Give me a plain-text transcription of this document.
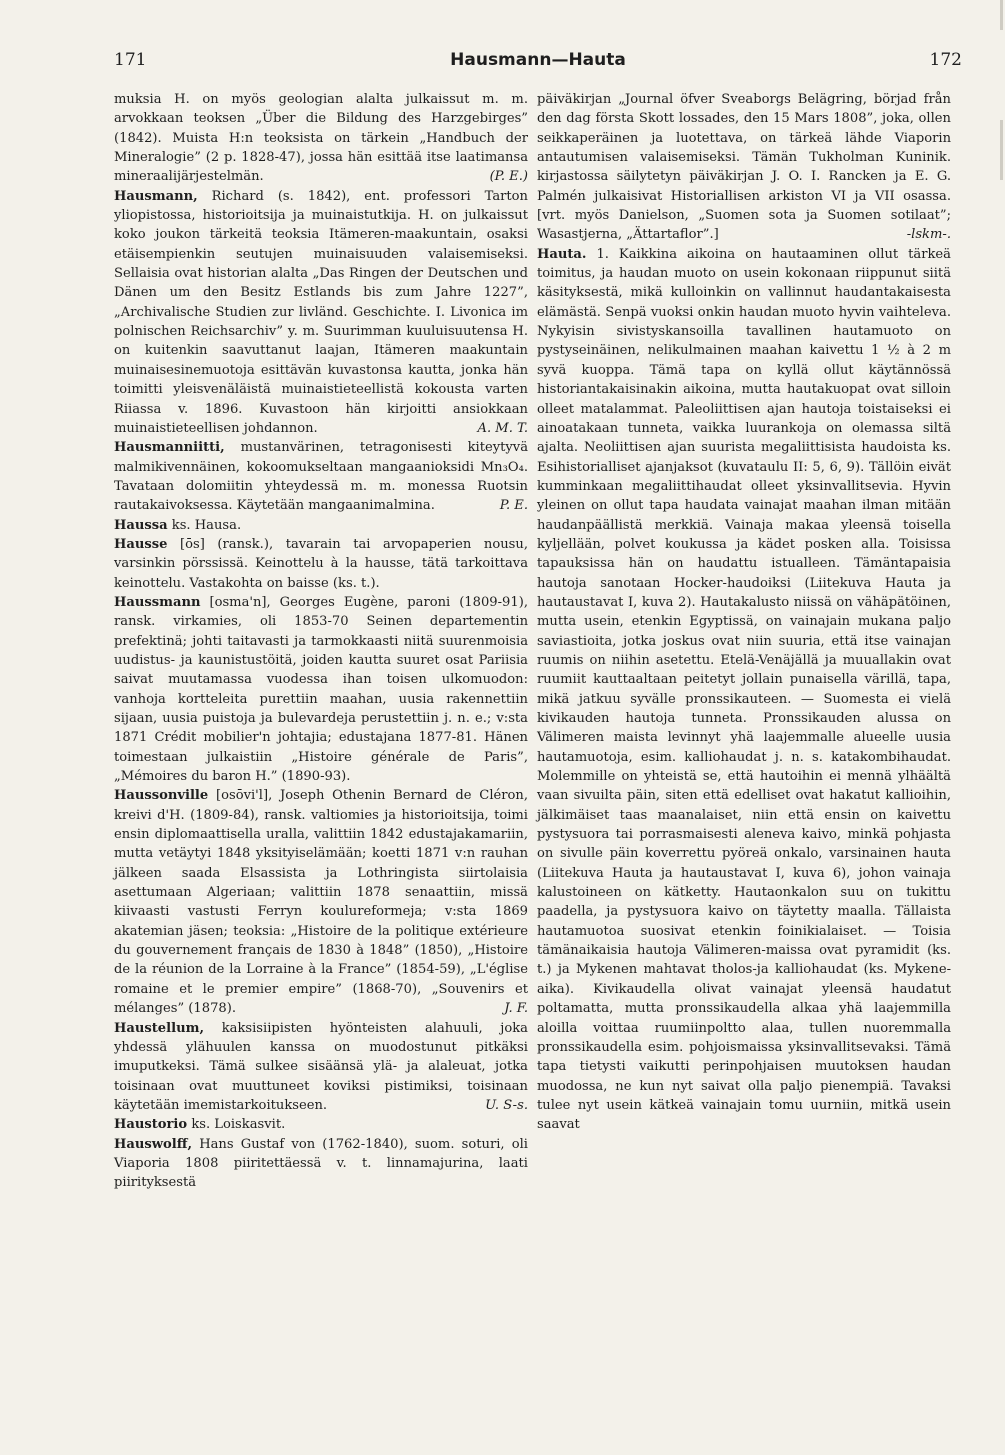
171	Hausmann—Hauta	172

muksia H. on myös geologian alalta julkaissut m. m. arvokkaan teoksen „Über die Bildung des Harzgebirges” (1842). Muista H:n teoksista on tärkein „Handbuch der Mineralogie” (2 p. 1828-47), jossa hän esittää itse laatimansa mineraalijärjestelmän.	(P. E.)

Hausmann, Richard (s. 1842), ent. professori Tarton yliopistossa, historioitsija ja muinaistutkija. H. on julkaissut koko joukon tärkeitä teoksia Itämeren-maakuntain, osaksi etäisempienkin seutujen muinaisuuden valaisemiseksi. Sellaisia ovat historian alalta „Das Ringen der Deutschen und Dänen um den Besitz Estlands bis zum Jahre 1227”, „Archivalische Studien zur livländ. Geschichte. I. Livonica im polnischen Reichsarchiv” y. m. Suurimman kuuluisuutensa H. on kuitenkin saavuttanut laajan, Itämeren maakuntain muinaisesinemuotoja esittävän kuvastonsa kautta, jonka hän toimitti yleisvenäläistä muinaistieteellistä kokousta varten Riiassa v. 1896. Kuvastoon hän kirjoitti ansiokkaan muinaistieteellisen johdannon.	A. M. T.

Hausmanniitti, mustanvärinen, tetragonisesti kiteytyvä malmikivennäinen, kokoomukseltaan mangaanioksidi Mn₃O₄. Tavataan dolomiitin yhteydessä m. m. monessa Ruotsin rautakaivoksessa. Käytetään mangaanimalmina.	P. E.

Haussa ks. Hausa.

Hausse [ōs] (ransk.), tavarain tai arvopaperien nousu, varsinkin pörssissä. Keinottelu à la hausse, tätä tarkoittava keinottelu. Vastakohta on baisse (ks. t.).

Haussmann [osma'n], Georges Eugène, paroni (1809-91), ransk. virkamies, oli 1853-70 Seinen departementin prefektinä; johti taitavasti ja tarmokkaasti niitä suurenmoisia uudistus- ja kaunistustöitä, joiden kautta suuret osat Pariisia saivat muutamassa vuodessa ihan toisen ulkomuodon: vanhoja kortteleita purettiin maahan, uusia rakennettiin sijaan, uusia puistoja ja bulevardeja perustettiin j. n. e.; v:sta 1871 Crédit mobilier'n johtajia; edustajana 1877-81. Hänen toimestaan julkaistiin „Histoire générale de Paris”, „Mémoires du baron H.” (1890-93).

Haussonville [osōvi'l], Joseph Othenin Bernard de Cléron, kreivi d'H. (1809-84), ransk. valtiomies ja historioitsija, toimi ensin diplomaattisella uralla, valittiin 1842 edustajakamariin, mutta vetäytyi 1848 yksityiselämään; koetti 1871 v:n rauhan jälkeen saada Elsassista ja Lothringista siirtolaisia asettumaan Algeriaan; valittiin 1878 senaattiin, missä kiivaasti vastusti Ferryn koulureformeja; v:sta 1869 akatemian jäsen; teoksia: „Histoire de la politique extérieure du gouvernement français de 1830 à 1848” (1850), „Histoire de la réunion de la Lorraine à la France” (1854-59), „L'église romaine et le premier empire” (1868-70), „Souvenirs et mélanges” (1878).	J. F.

Haustellum, kaksisiipisten hyönteisten alahuuli, joka yhdessä ylähuulen kanssa on muodostunut pitkäksi imuputkeksi. Tämä sulkee sisäänsä ylä- ja alaleuat, jotka toisinaan ovat muuttuneet koviksi pistimiksi, toisinaan käytetään imemistarkoitukseen.	U. S-s.

Haustorio ks. Loiskasvit.

Hauswolff, Hans Gustaf von (1762-1840), suom. soturi, oli Viaporia 1808 piiritettäessä v. t. linnamajurina, laati piirityksestä

päiväkirjan „Journal öfver Sveaborgs Belägring, börjad från den dag första Skott lossades, den 15 Mars 1808”, joka, ollen seikkaperäinen ja luotettava, on tärkeä lähde Viaporin antautumisen valaisemiseksi. Tämän Tukholman Kuninik. kirjastossa säilytetyn päiväkirjan J. O. I. Rancken ja E. G. Palmén julkaisivat Historiallisen arkiston VI ja VII osassa. [vrt. myös Danielson, „Suomen sota ja Suomen sotilaat”; Wasastjerna, „Ättartaflor”.]	-lskm-.

Hauta. 1. Kaikkina aikoina on hautaaminen ollut tärkeä toimitus, ja haudan muoto on usein kokonaan riippunut siitä käsityksestä, mikä kulloinkin on vallinnut haudantakaisesta elämästä. Senpä vuoksi onkin haudan muoto hyvin vaihteleva. Nykyisin sivistyskansoilla tavallinen hautamuoto on pystyseinäinen, nelikulmainen maahan kaivettu 1 ½ à 2 m syvä kuoppa. Tämä tapa on kyllä ollut käytännössä historiantakaisinakin aikoina, mutta hautakuopat ovat silloin olleet matalammat. Paleoliittisen ajan hautoja toistaiseksi ei ainoatakaan tunneta, vaikka luurankoja on olemassa siltä ajalta. Neoliittisen ajan suurista megaliittisista haudoista ks. Esihistorialliset ajanjaksot (kuvataulu II: 5, 6, 9). Tällöin eivät kumminkaan megaliittihaudat olleet yksinvallitsevia. Hyvin yleinen on ollut tapa haudata vainajat maahan ilman mitään haudanpäällistä merkkiä. Vainaja makaa yleensä toisella kyljellään, polvet koukussa ja kädet posken alla. Toisissa tapauksissa hän on haudattu istualleen. Tämäntapaisia hautoja sanotaan Hocker-haudoiksi (Liitekuva Hauta ja hautaustavat I, kuva 2). Hautakalusto niissä on vähäpätöinen, mutta usein, etenkin Egyptissä, on vainajain mukana paljo saviastioita, jotka joskus ovat niin suuria, että itse vainajan ruumis on niihin asetettu. Etelä-Venäjällä ja muuallakin ovat ruumiit kauttaaltaan peitetyt jollain punaisella värillä, tapa, mikä jatkuu syvälle pronssikauteen. — Suomesta ei vielä kivikauden hautoja tunneta. Pronssikauden alussa on Välimeren maista levinnyt yhä laajemmalle alueelle uusia hautamuotoja, esim. kalliohaudat j. n. s. katakombihaudat. Molemmille on yhteistä se, että hautoihin ei mennä ylhäältä vaan sivuilta päin, siten että edelliset ovat hakatut kallioihin, jälkimäiset taas maanalaiset, niin että ensin on kaivettu pystysuora tai porrasmaisesti aleneva kaivo, minkä pohjasta on sivulle päin koverrettu pyöreä onkalo, varsinainen hauta (Liitekuva Hauta ja hautaustavat I, kuva 6), johon vainaja kalustoineen on kätketty. Hautaonkalon suu on tukittu paadella, ja pystysuora kaivo on täytetty maalla. Tällaista hautamuotoa suosivat etenkin foinikialaiset. — Toisia tämänaikaisia hautoja Välimeren-maissa ovat pyramidit (ks. t.) ja Mykenen mahtavat tholos-ja kalliohaudat (ks. Mykene-aika). Kivikaudella olivat vainajat yleensä haudatut poltamatta, mutta pronssikaudella alkaa yhä laajemmilla aloilla voittaa ruumiinpoltto alaa, tullen nuoremmalla pronssikaudella esim. pohjoismaissa yksinvallitsevaksi. Tämä tapa tietysti vaikutti perinpohjaisen muutoksen haudan muodossa, ne kun nyt saivat olla paljo pienempiä. Tavaksi tulee nyt usein kätkeä vainajain tomu uurniin, mitkä usein saavat
